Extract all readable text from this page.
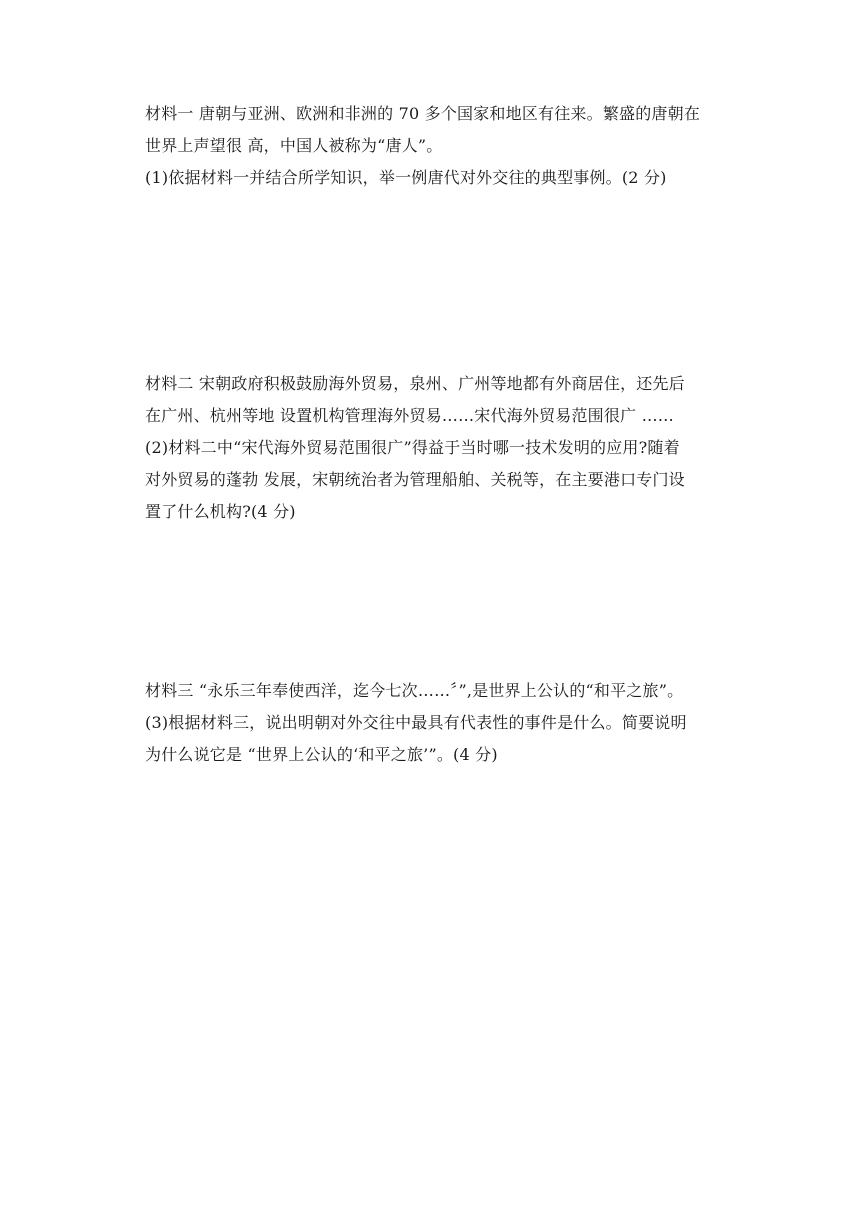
材料一 唐朝与亚洲、欧洲和非洲的 70 多个国家和地区有往来。繁盛的唐朝在
世界上声望很 高，中国人被称为“唐人”。
(1)依据材料一并结合所学知识，举一例唐代对外交往的典型事例。(2 分)
材料二 宋朝政府积极鼓励海外贸易，泉州、广州等地都有外商居住，还先后
在广州、杭州等地 设置机构管理海外贸易……宋代海外贸易范围很广 ……
(2)材料二中“宋代海外贸易范围很广”得益于当时哪一技术发明的应用?随着
对外贸易的蓬勃 发展，宋朝统治者为管理船舶、关税等，在主要港口专门设
置了什么机构?(4 分)
材料三 “永乐三年奉使西洋，迄今七次……〞”,是世界上公认的“和平之旅”。
(3)根据材料三，说出明朝对外交往中最具有代表性的事件是什么。简要说明
为什么说它是 “世界上公认的‘和平之旅’”。(4 分)
